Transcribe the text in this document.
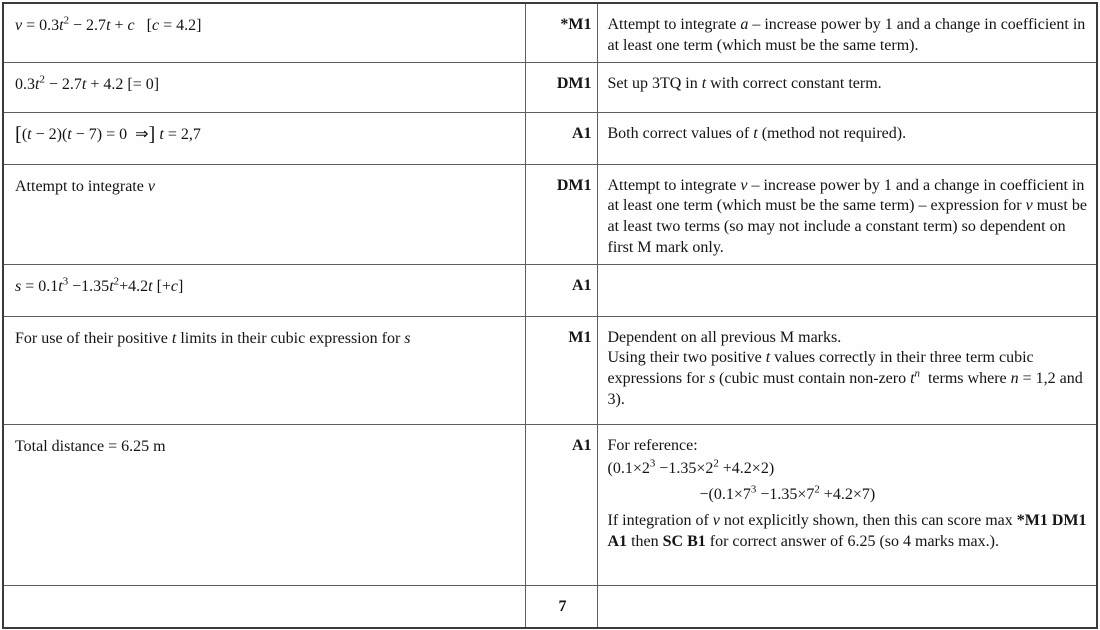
$v = 0.3t^2 - 2.7t + c$   [c = 4.2]	*M1	Attempt to integrate a – increase power by 1 and a change in coefficient in at least one term (which must be the same term).
$0.3t^2 - 2.7t + 4.2$ [= 0]	DM1	Set up 3TQ in t with correct constant term.
[(t − 2)(t − 7) = 0  ⇒] t = 2,7	A1	Both correct values of t (method not required).
Attempt to integrate v	DM1	Attempt to integrate v – increase power by 1 and a change in coefficient in at least one term (which must be the same term) – expression for v must be at least two terms (so may not include a constant term) so dependent on first M mark only.
$s = 0.1t^3 -1.35t^2+4.2t$ [+c]	A1	
For use of their positive t limits in their cubic expression for s	M1	Dependent on all previous M marks.
Using their two positive t values correctly in their three term cubic expressions for s (cubic must contain non-zero $t^n$  terms where n = 1,2 and 3).
Total distance = 6.25 m	A1	For reference:
$(0.1\times 2^3 -1.35\times 2^2 +4.2\times 2)$
$-(0.1\times 7^3 -1.35\times 7^2 +4.2\times 7)$
If integration of v not explicitly shown, then this can score max *M1 DM1 A1 then SC B1 for correct answer of 6.25 (so 4 marks max.).
	7	
